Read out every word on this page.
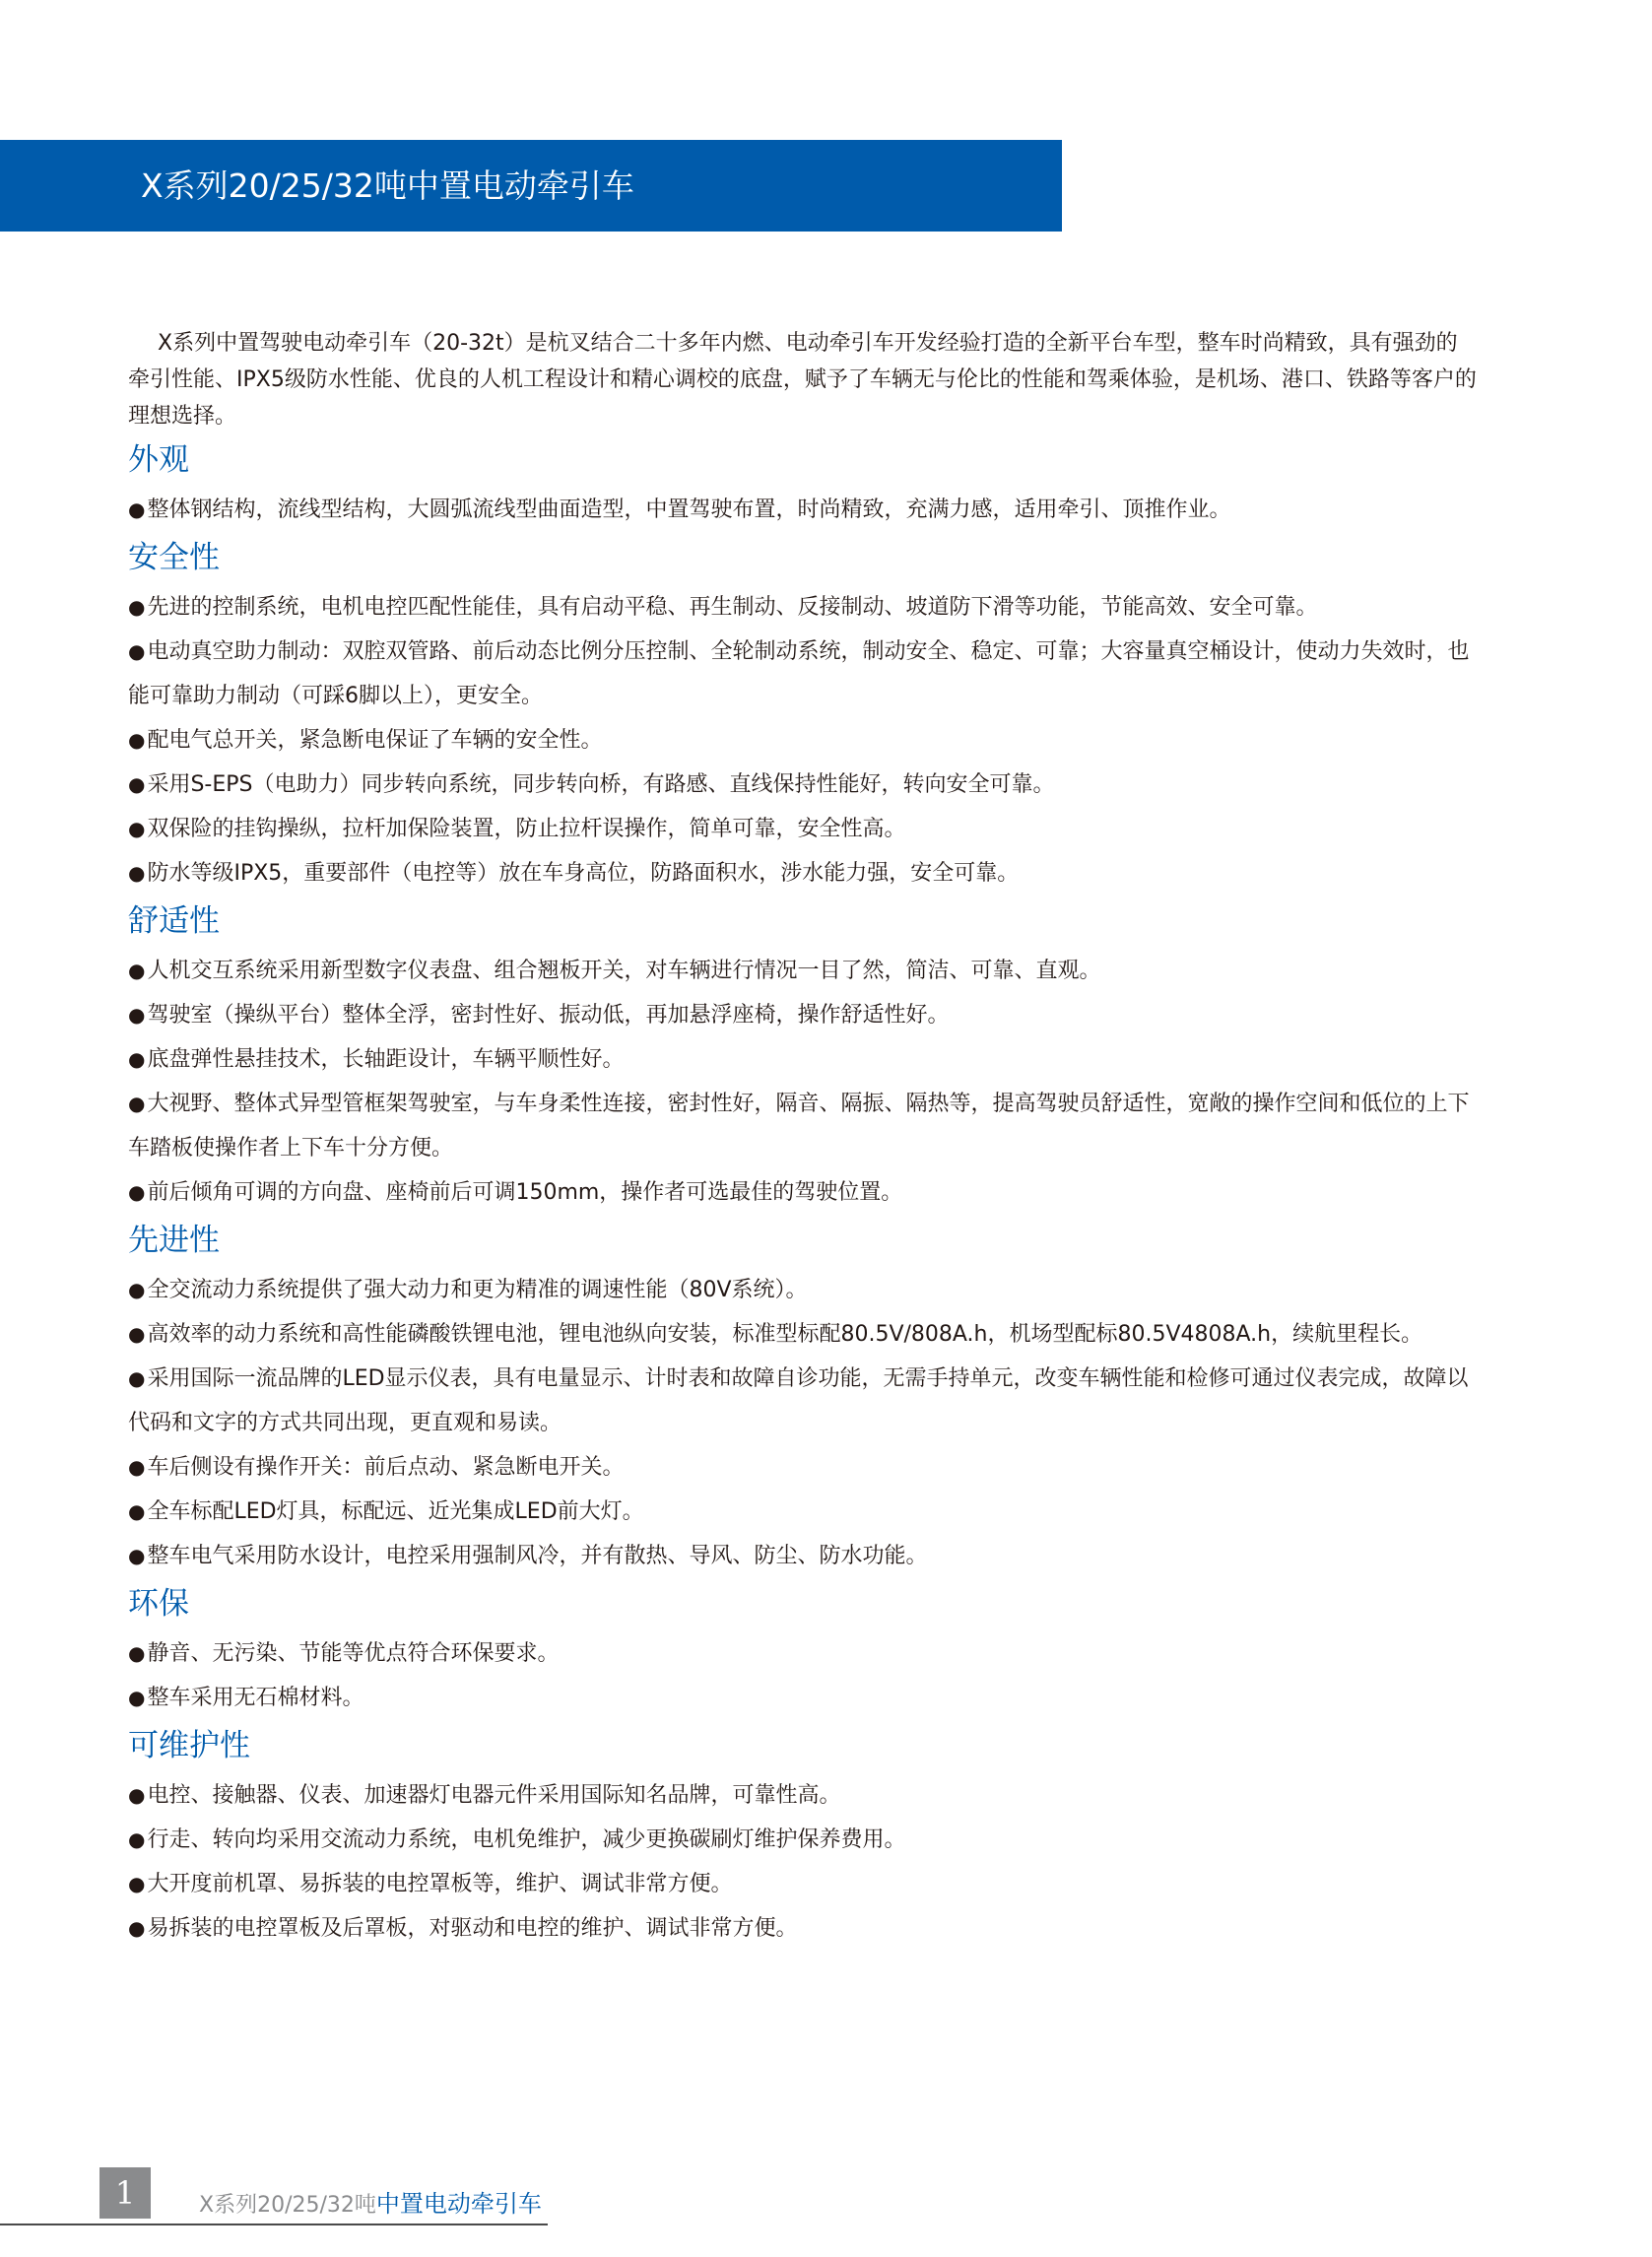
X系列20/25/32吨中置电动牵引车

X系列中置驾驶电动牵引车（20-32t）是杭叉结合二十多年内燃、电动牵引车开发经验打造的全新平台车型，整车时尚精致，具有强劲的牵引性能、IPX5级防水性能、优良的人机工程设计和精心调校的底盘，赋予了车辆无与伦比的性能和驾乘体验，是机场、港口、铁路等客户的理想选择。

外观

●整体钢结构，流线型结构，大圆弧流线型曲面造型，中置驾驶布置，时尚精致，充满力感，适用牵引、顶推作业。

安全性

●先进的控制系统，电机电控匹配性能佳，具有启动平稳、再生制动、反接制动、坡道防下滑等功能，节能高效、安全可靠。

●电动真空助力制动：双腔双管路、前后动态比例分压控制、全轮制动系统，制动安全、稳定、可靠；大容量真空桶设计，使动力失效时，也能可靠助力制动（可踩6脚以上），更安全。

●配电气总开关，紧急断电保证了车辆的安全性。

●采用S-EPS（电助力）同步转向系统，同步转向桥，有路感、直线保持性能好，转向安全可靠。

●双保险的挂钩操纵，拉杆加保险装置，防止拉杆误操作，简单可靠，安全性高。

●防水等级IPX5，重要部件（电控等）放在车身高位，防路面积水，涉水能力强，安全可靠。

舒适性

●人机交互系统采用新型数字仪表盘、组合翘板开关，对车辆进行情况一目了然，简洁、可靠、直观。

●驾驶室（操纵平台）整体全浮，密封性好、振动低，再加悬浮座椅，操作舒适性好。

●底盘弹性悬挂技术，长轴距设计，车辆平顺性好。

●大视野、整体式异型管框架驾驶室，与车身柔性连接，密封性好，隔音、隔振、隔热等，提高驾驶员舒适性，宽敞的操作空间和低位的上下车踏板使操作者上下车十分方便。

●前后倾角可调的方向盘、座椅前后可调150mm，操作者可选最佳的驾驶位置。

先进性

●全交流动力系统提供了强大动力和更为精准的调速性能（80V系统）。

●高效率的动力系统和高性能磷酸铁锂电池，锂电池纵向安装，标准型标配80.5V/808A.h，机场型配标80.5V4808A.h，续航里程长。

●采用国际一流品牌的LED显示仪表，具有电量显示、计时表和故障自诊功能，无需手持单元，改变车辆性能和检修可通过仪表完成，故障以代码和文字的方式共同出现，更直观和易读。

●车后侧设有操作开关：前后点动、紧急断电开关。

●全车标配LED灯具，标配远、近光集成LED前大灯。

●整车电气采用防水设计，电控采用强制风冷，并有散热、导风、防尘、防水功能。

环保

●静音、无污染、节能等优点符合环保要求。

●整车采用无石棉材料。

可维护性

●电控、接触器、仪表、加速器灯电器元件采用国际知名品牌，可靠性高。

●行走、转向均采用交流动力系统，电机免维护，减少更换碳刷灯维护保养费用。

●大开度前机罩、易拆装的电控罩板等，维护、调试非常方便。

●易拆装的电控罩板及后罩板，对驱动和电控的维护、调试非常方便。

1	X系列20/25/32吨中置电动牵引车
